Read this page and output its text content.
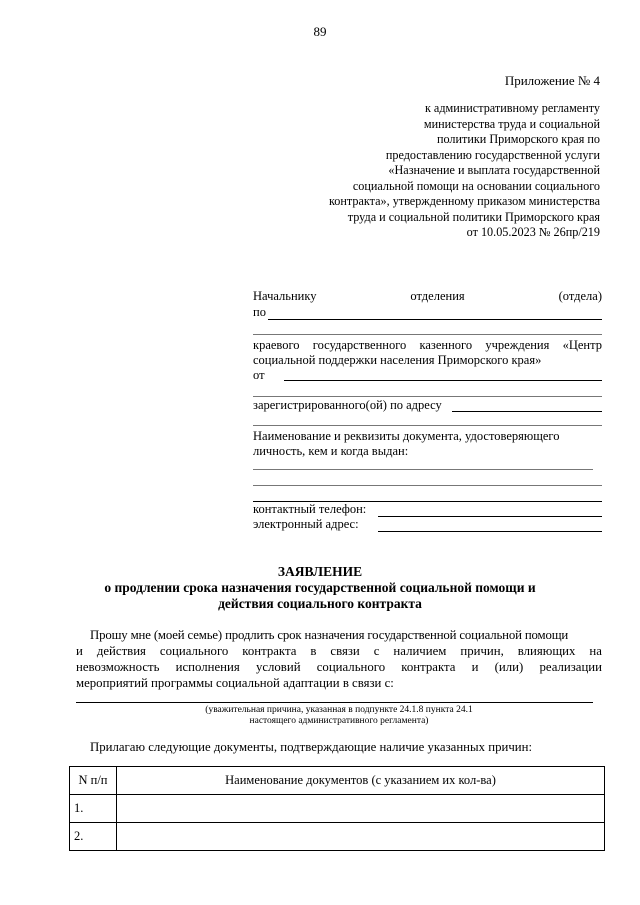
89
Приложение № 4
к административному регламенту
министерства труда и социальной
политики Приморского края по
предоставлению государственной услуги
«Назначение и выплата государственной
социальной помощи на основании социального
контракта», утвержденному приказом министерства
труда и социальной политики Приморского края
от 10.05.2023 № 26пр/219
Начальнику	отделения	(отдела)
по
краевого государственного казенного учреждения «Центр
социальной поддержки населения Приморского края»
от
зарегистрированного(ой) по адресу
Наименование и реквизиты документа, удостоверяющего
личность, кем и когда выдан:
контактный телефон:
электронный адрес:
ЗАЯВЛЕНИЕ
о продлении срока назначения государственной социальной помощи и
действия социального контракта
Прошу мне (моей семье) продлить срок назначения государственной социальной помощи
и действия социального контракта в связи с наличием причин, влияющих на
невозможность исполнения условий социального контракта и (или) реализации
мероприятий программы социальной адаптации в связи с:
(уважительная причина, указанная в подпункте 24.1.8 пункта 24.1
настоящего административного регламента)
Прилагаю следующие документы, подтверждающие наличие указанных причин:
N п/п	Наименование документов (с указанием их кол-ва)
1.	
2.	
